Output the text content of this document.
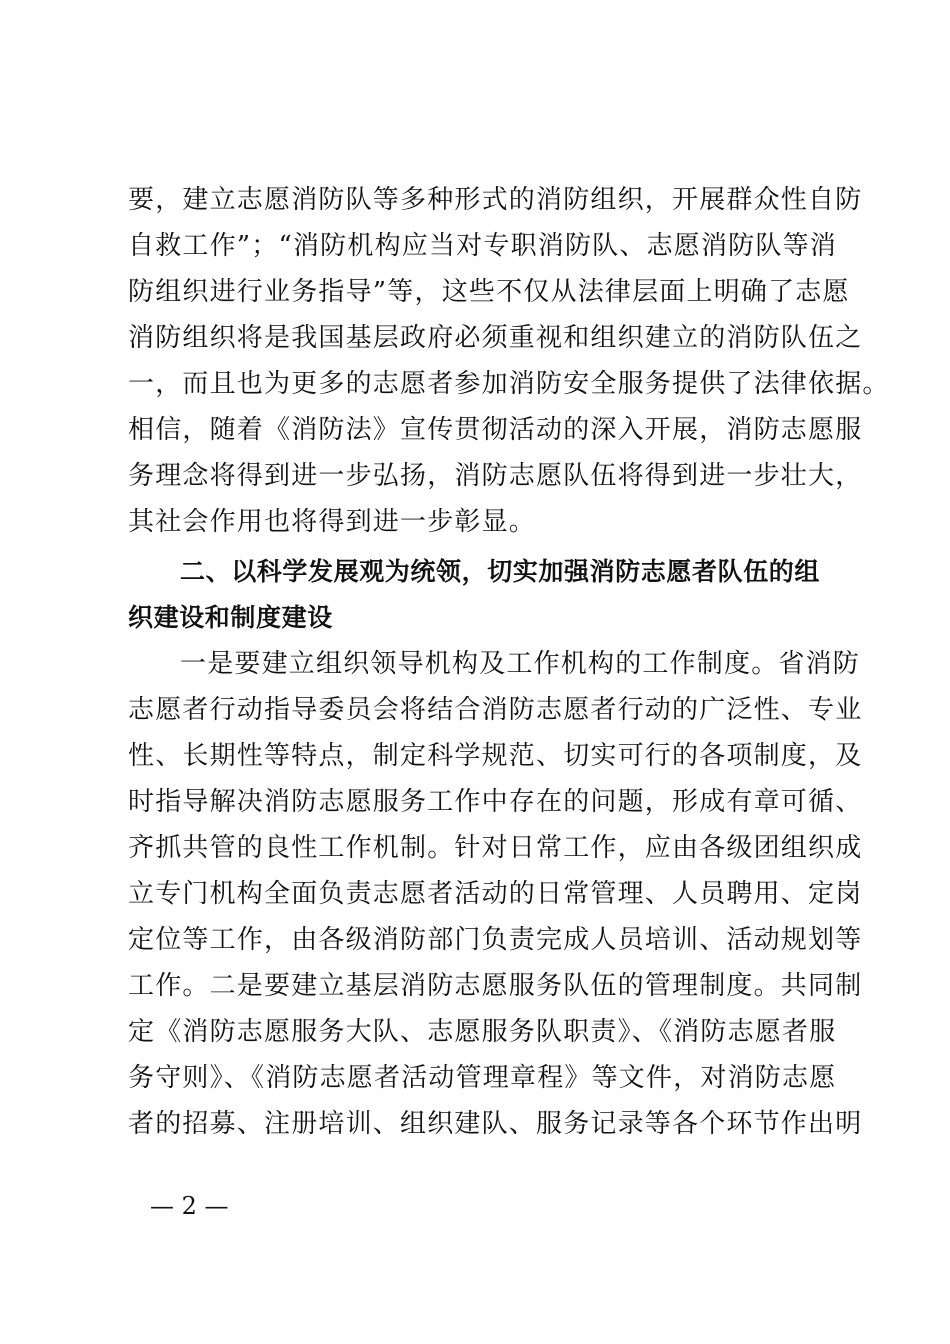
要，建立志愿消防队等多种形式的消防组织，开展群众性自防
自救工作”；“消防机构应当对专职消防队、志愿消防队等消
防组织进行业务指导”等，这些不仅从法律层面上明确了志愿
消防组织将是我国基层政府必须重视和组织建立的消防队伍之
一，而且也为更多的志愿者参加消防安全服务提供了法律依据。
相信，随着《消防法》宣传贯彻活动的深入开展，消防志愿服
务理念将得到进一步弘扬，消防志愿队伍将得到进一步壮大，
其社会作用也将得到进一步彰显。
二、以科学发展观为统领，切实加强消防志愿者队伍的组
织建设和制度建设
一是要建立组织领导机构及工作机构的工作制度。省消防
志愿者行动指导委员会将结合消防志愿者行动的广泛性、专业
性、长期性等特点，制定科学规范、切实可行的各项制度，及
时指导解决消防志愿服务工作中存在的问题，形成有章可循、
齐抓共管的良性工作机制。针对日常工作，应由各级团组织成
立专门机构全面负责志愿者活动的日常管理、人员聘用、定岗
定位等工作，由各级消防部门负责完成人员培训、活动规划等
工作。二是要建立基层消防志愿服务队伍的管理制度。共同制
定《消防志愿服务大队、志愿服务队职责》、《消防志愿者服
务守则》、《消防志愿者活动管理章程》等文件，对消防志愿
者的招募、注册培训、组织建队、服务记录等各个环节作出明
— 2 —
